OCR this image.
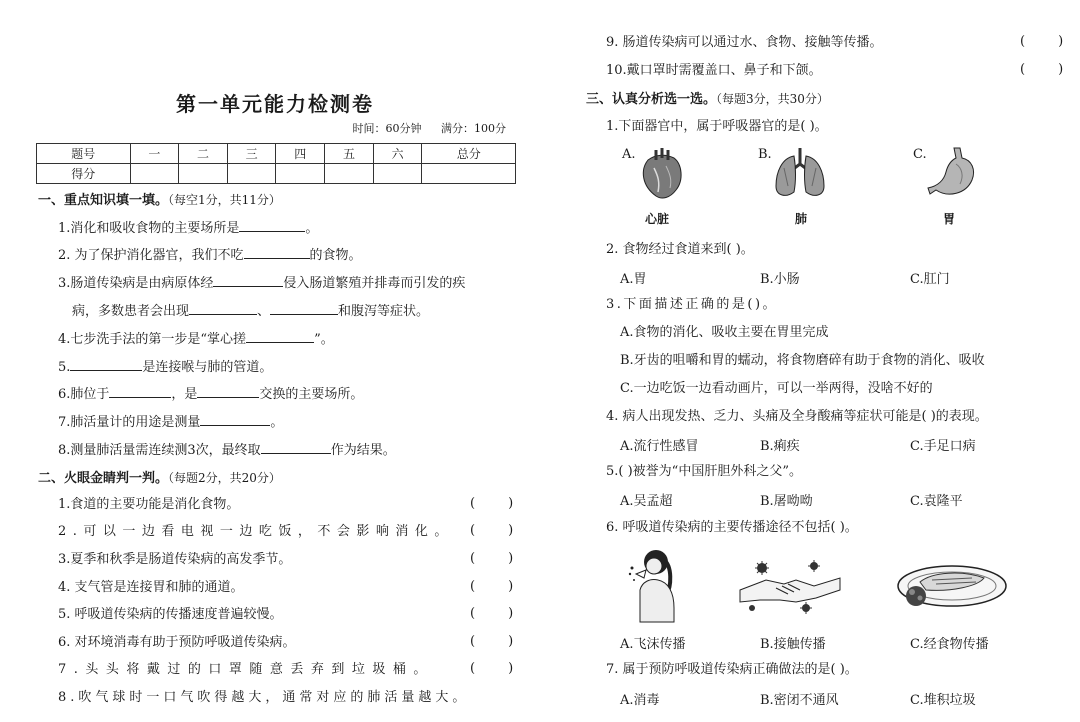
第一单元能力检测卷
时间：60分钟 满分：100分
题号	一	二	三	四	五	六	总分
得分							
一、重点知识填一填。（每空1分，共11分）
1.消化和吸收食物的主要场所是	。
2. 为了保护消化器官，我们不吃	的食物。
3.肠道传染病是由病原体经	侵入肠道繁殖并排毒而引发的疾
病，多数患者会出现	、	和腹泻等症状。
4.七步洗手法的第一步是“掌心搓	”。
5.	是连接喉与肺的管道。
6.肺位于	，是	交换的主要场所。
7.肺活量计的用途是测量	。
8.测量肺活量需连续测3次，最终取	作为结果。
二、火眼金睛判一判。（每题2分，共20分）
1.食道的主要功能是消化食物。	(        )
2.可以一边看电视一边吃饭，不会影响消化。 (        )
3.夏季和秋季是肠道传染病的高发季节。	(        )
4. 支气管是连接胃和肺的通道。	(        )
5. 呼吸道传染病的传播速度普遍较慢。	(        )
6. 对环境消毒有助于预防呼吸道传染病。	(        )
7.头头将戴过的口罩随意丢弃到垃圾桶。	(        )
8.吹气球时一口气吹得越大，通常对应的肺活量越大。
9. 肠道传染病可以通过水、食物、接触等传播。	(        )
10.戴口罩时需覆盖口、鼻子和下颌。	(        )
三、认真分析选一选。（每题3分，共30分）
1.下面器官中，属于呼吸器官的是( )。
A.
心脏
B.
肺
C.
胃
2. 食物经过食道来到( )。
A.胃	B.小肠	C.肛门
3.下面描述正确的是()。
A.食物的消化、吸收主要在胃里完成
B.牙齿的咀嚼和胃的蠕动，将食物磨碎有助于食物的消化、吸收
C.一边吃饭一边看动画片，可以一举两得，没啥不好的
4. 病人出现发热、乏力、头痛及全身酸痛等症状可能是( )的表现。
A.流行性感冒	B.痢疾	C.手足口病
5.( )被誉为“中国肝胆外科之父”。
A.吴孟超	B.屠呦呦	C.袁隆平
6. 呼吸道传染病的主要传播途径不包括( )。
A.飞沫传播	B.接触传播	C.经食物传播
7. 属于预防呼吸道传染病正确做法的是( )。
A.消毒	B.密闭不通风	C.堆积垃圾
